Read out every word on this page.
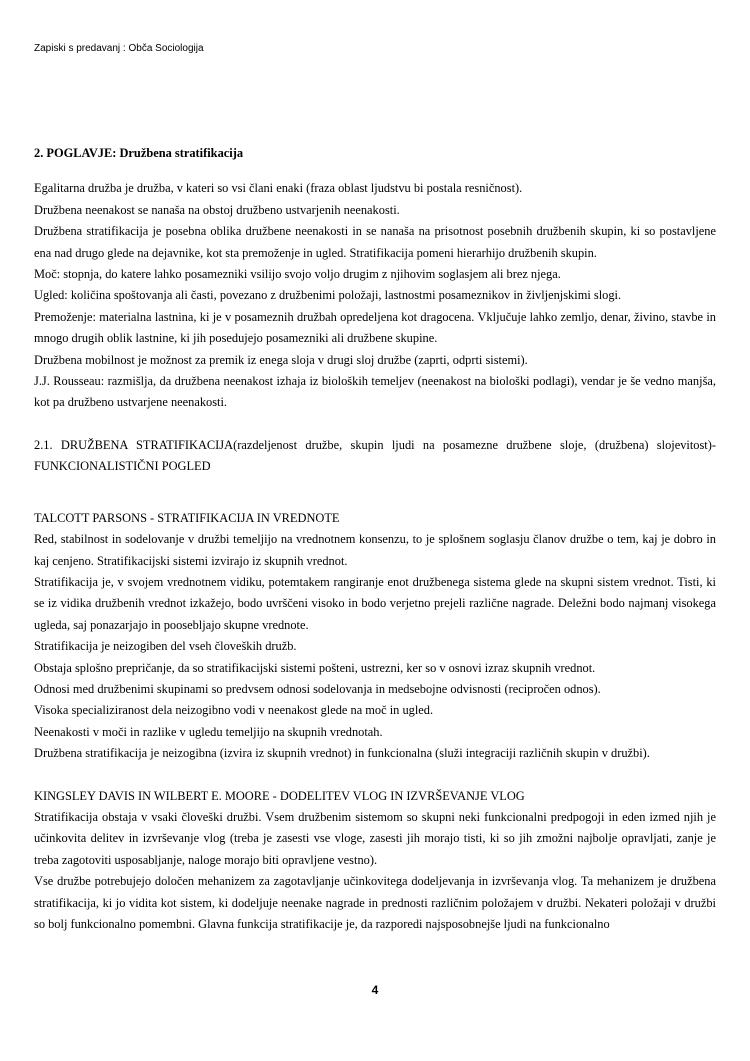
Zapiski s predavanj : Obča Sociologija

2. POGLAVJE: Družbena stratifikacija

Egalitarna družba je družba, v kateri so vsi člani enaki (fraza oblast ljudstvu bi postala resničnost).

Družbena neenakost se nanaša na obstoj družbeno ustvarjenih neenakosti.

Družbena stratifikacija je posebna oblika družbene neenakosti in se nanaša na prisotnost posebnih družbenih skupin, ki so postavljene ena nad drugo glede na dejavnike, kot sta premoženje in ugled. Stratifikacija pomeni hierarhijo družbenih skupin.

Moč: stopnja, do katere lahko posamezniki vsilijo svojo voljo drugim z njihovim soglasjem ali brez njega.

Ugled: količina spoštovanja ali časti, povezano z družbenimi položaji, lastnostmi posameznikov in življenjskimi slogi.

Premoženje: materialna lastnina, ki je v posameznih družbah opredeljena kot dragocena. Vključuje lahko zemljo, denar, živino, stavbe in mnogo drugih oblik lastnine, ki jih posedujejo posamezniki ali družbene skupine.

Družbena mobilnost je možnost za premik iz enega sloja v drugi sloj družbe (zaprti, odprti sistemi).

J.J. Rousseau: razmišlja, da družbena neenakost izhaja iz bioloških temeljev (neenakost na biološki podlagi), vendar je še vedno manjša, kot pa družbeno ustvarjene neenakosti.

2.1. DRUŽBENA STRATIFIKACIJA(razdeljenost družbe, skupin ljudi na posamezne družbene sloje, (družbena) slojevitost)-FUNKCIONALISTIČNI POGLED

TALCOTT PARSONS - STRATIFIKACIJA IN VREDNOTE

Red, stabilnost in sodelovanje v družbi temeljijo na vrednotnem konsenzu, to je splošnem soglasju članov družbe o tem, kaj je dobro in kaj cenjeno. Stratifikacijski sistemi izvirajo iz skupnih vrednot.

Stratifikacija je, v svojem vrednotnem vidiku, potemtakem rangiranje enot družbenega sistema glede na skupni sistem vrednot. Tisti, ki se iz vidika družbenih vrednot izkažejo, bodo uvrščeni visoko in bodo verjetno prejeli različne nagrade. Deležni bodo najmanj visokega ugleda, saj ponazarjajo in poosebljajo skupne vrednote.

Stratifikacija je neizogiben del vseh človeških družb.

Obstaja splošno prepričanje, da so stratifikacijski sistemi pošteni, ustrezni, ker so v osnovi izraz skupnih vrednot.

Odnosi med družbenimi skupinami so predvsem odnosi sodelovanja in medsebojne odvisnosti (recipročen odnos).

Visoka specializiranost dela neizogibno vodi v neenakost glede na moč in ugled.

Neenakosti v moči in razlike v ugledu temeljijo na skupnih vrednotah.

Družbena stratifikacija je neizogibna (izvira iz skupnih vrednot) in funkcionalna (služi integraciji različnih skupin v družbi).

KINGSLEY DAVIS IN WILBERT E. MOORE - DODELITEV VLOG IN IZVRŠEVANJE VLOG

Stratifikacija obstaja v vsaki človeški družbi. Vsem družbenim sistemom so skupni neki funkcionalni predpogoji in eden izmed njih je učinkovita delitev in izvrševanje vlog (treba je zasesti vse vloge, zasesti jih morajo tisti, ki so jih zmožni najbolje opravljati, zanje je treba zagotoviti usposabljanje, naloge morajo biti opravljene vestno).

Vse družbe potrebujejo določen mehanizem za zagotavljanje učinkovitega dodeljevanja in izvrševanja vlog. Ta mehanizem je družbena stratifikacija, ki jo vidita kot sistem, ki dodeljuje neenake nagrade in prednosti različnim položajem v družbi. Nekateri položaji v družbi so bolj funkcionalno pomembni. Glavna funkcija stratifikacije je, da razporedi najsposobnejše ljudi na funkcionalno

4
